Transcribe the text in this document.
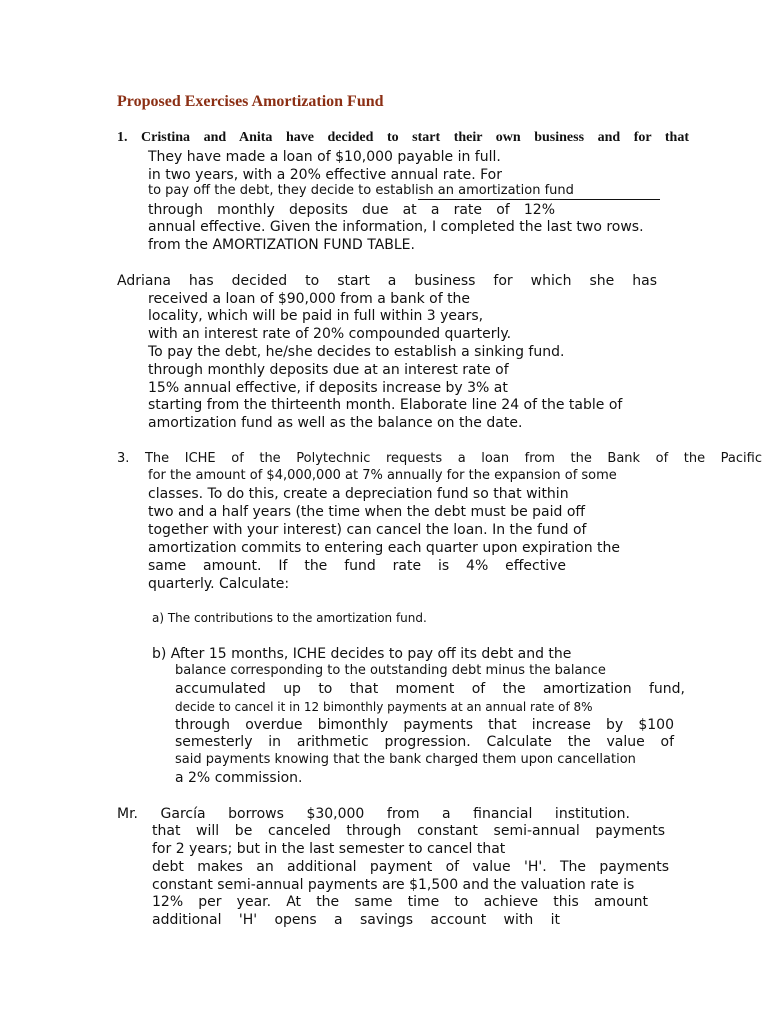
Proposed Exercises Amortization Fund
1. Cristina and Anita have decided to start their own business and for that
They have made a loan of $10,000 payable in full.
in two years, with a 20% effective annual rate. For
to pay off the debt, they decide to establish an amortization fund
through monthly deposits due at a rate of 12%
annual effective. Given the information, I completed the last two rows.
from the AMORTIZATION FUND TABLE.
Adriana has decided to start a business for which she has
received a loan of $90,000 from a bank of the
locality, which will be paid in full within 3 years,
with an interest rate of 20% compounded quarterly.
To pay the debt, he/she decides to establish a sinking fund.
through monthly deposits due at an interest rate of
15% annual effective, if deposits increase by 3% at
starting from the thirteenth month. Elaborate line 24 of the table of
amortization fund as well as the balance on the date.
3. The ICHE of the Polytechnic requests a loan from the Bank of the Pacific
for the amount of $4,000,000 at 7% annually for the expansion of some
classes. To do this, create a depreciation fund so that within
two and a half years (the time when the debt must be paid off
together with your interest) can cancel the loan. In the fund of
amortization commits to entering each quarter upon expiration the
same amount. If the fund rate is 4% effective
quarterly. Calculate:
a) The contributions to the amortization fund.
b) After 15 months, ICHE decides to pay off its debt and the
balance corresponding to the outstanding debt minus the balance
accumulated up to that moment of the amortization fund,
decide to cancel it in 12 bimonthly payments at an annual rate of 8%
through overdue bimonthly payments that increase by $100
semesterly in arithmetic progression. Calculate the value of
said payments knowing that the bank charged them upon cancellation
a 2% commission.
Mr. García borrows $30,000 from a financial institution.
that will be canceled through constant semi-annual payments
for 2 years; but in the last semester to cancel that
debt makes an additional payment of value 'H'. The payments
constant semi-annual payments are $1,500 and the valuation rate is
12% per year. At the same time to achieve this amount
additional 'H' opens a savings account with it
